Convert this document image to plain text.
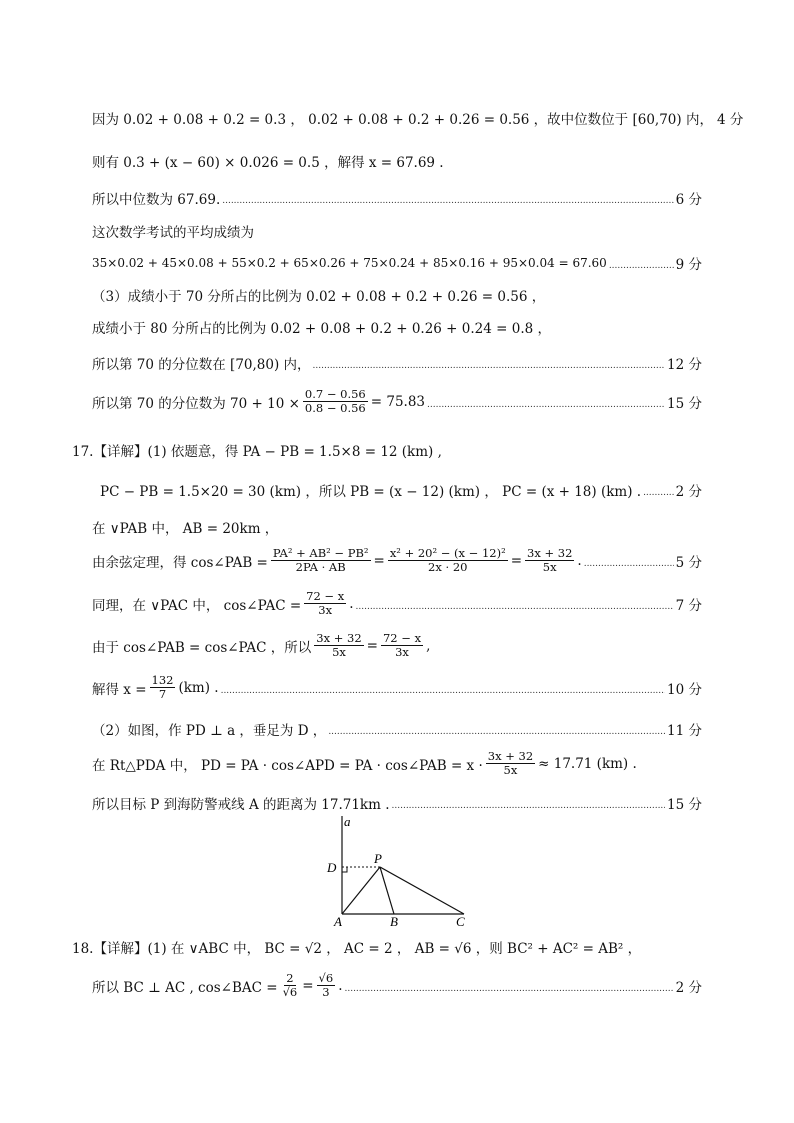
因为 0.02 + 0.08 + 0.2 = 0.3 ， 0.02 + 0.08 + 0.2 + 0.26 = 0.56 ，故中位数位于 [60,70) 内， 4 分
则有 0.3 + (x − 60) × 0.026 = 0.5 ，解得 x = 67.69 .
所以中位数为 67.69. .....	6 分
这次数学考试的平均成绩为
35×0.02 + 45×0.08 + 55×0.2 + 65×0.26 + 75×0.24 + 85×0.16 + 95×0.04 = 67.60 .....	9 分
（3）成绩小于 70 分所占的比例为 0.02 + 0.08 + 0.2 + 0.26 = 0.56 ，
成绩小于 80 分所占的比例为 0.02 + 0.08 + 0.2 + 0.26 + 0.24 = 0.8 ，
所以第 70 的分位数在 [70,80) 内， .....	12 分
所以第 70 的分位数为 $70 + 10 \times \frac{0.7 - 0.56}{0.8 - 0.56} = 75.83$ .....	15 分
17.【详解】(1) 依题意，得 PA − PB = 1.5×8 = 12 (km) ,
PC − PB = 1.5×20 = 30 (km) ，所以 PB = (x − 12) (km) ， PC = (x + 18) (km) . .....	2 分
在 ∨PAB 中， AB = 20km ，
由余弦定理，得 cos∠PAB = $\frac{\text{PA² + AB² − PB²}}{2PA \cdot AB} = \frac{\text{x² + 20² − (x − 12)²}}{2x \cdot 20} = \frac{3x + 32}{5x}$ . .....	5 分
同理，在 ∨PAC 中， cos∠PAC = $\frac{72 - x}{3x}$ . .....	7 分
由于 cos∠PAB = cos∠PAC ，所以 $\frac{3x + 32}{5x} = \frac{72 - x}{3x}$ ,
解得 $x = \frac{132}{7} (km)$ . .....	10 分
（2）如图，作 PD ⊥ a ，垂足为 D ， .....	11 分
在 Rt△PDA 中， PD = PA · cos∠APD = PA · cos∠PAB = $x \cdot \frac{3x + 32}{5x} \approx 17.71$ (km) .
所以目标 P 到海防警戒线 A 的距离为 17.71km . .....	15 分
a
D
P
A	B	C
18.【详解】(1) 在 ∨ABC 中， BC = √2 ， AC = 2 ， AB = √6 ，则 BC² + AC² = AB² ，
所以 BC ⊥ AC , cos∠BAC = $\frac{2}{√6} = \frac{√6}{3}$ . .....	2 分
